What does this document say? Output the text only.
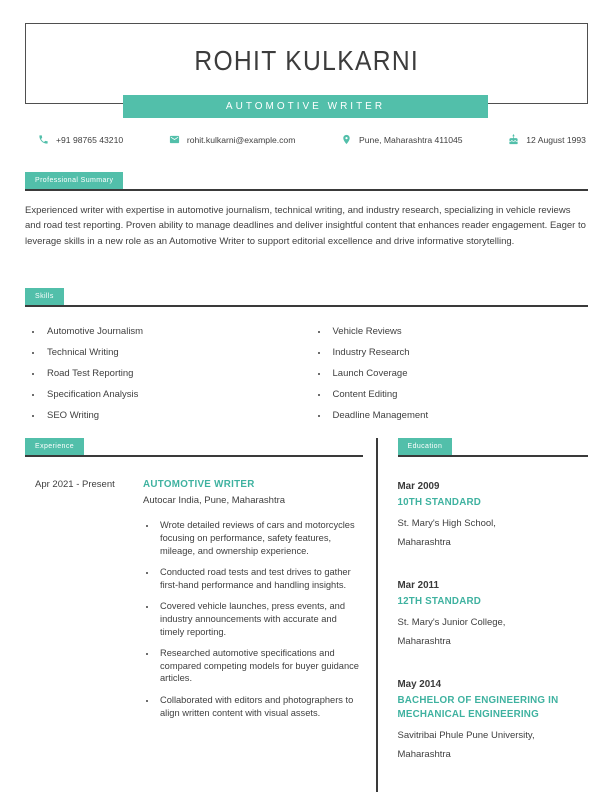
ROHIT KULKARNI
AUTOMOTIVE WRITER
+91 98765 43210	rohit.kulkarni@example.com	Pune, Maharashtra 411045	12 August 1993
Professional Summary
Experienced writer with expertise in automotive journalism, technical writing, and industry research, specializing in vehicle reviews and road test reporting. Proven ability to manage deadlines and deliver insightful content that enhances reader engagement. Eager to leverage skills in a new role as an Automotive Writer to support editorial excellence and drive informative storytelling.
Skills
• Automotive Journalism
• Technical Writing
• Road Test Reporting
• Specification Analysis
• SEO Writing
• Vehicle Reviews
• Industry Research
• Launch Coverage
• Content Editing
• Deadline Management
Experience
Apr 2021 - Present	AUTOMOTIVE WRITER
Autocar India, Pune, Maharashtra
• Wrote detailed reviews of cars and motorcycles focusing on performance, safety features, mileage, and ownership experience.
• Conducted road tests and test drives to gather first-hand performance and handling insights.
• Covered vehicle launches, press events, and industry announcements with accurate and timely reporting.
• Researched automotive specifications and compared competing models for buyer guidance articles.
• Collaborated with editors and photographers to align written content with visual assets.
Education
Mar 2009
10TH STANDARD
St. Mary's High School,
Maharashtra
Mar 2011
12TH STANDARD
St. Mary's Junior College,
Maharashtra
May 2014
BACHELOR OF ENGINEERING IN MECHANICAL ENGINEERING
Savitribai Phule Pune University,
Maharashtra
